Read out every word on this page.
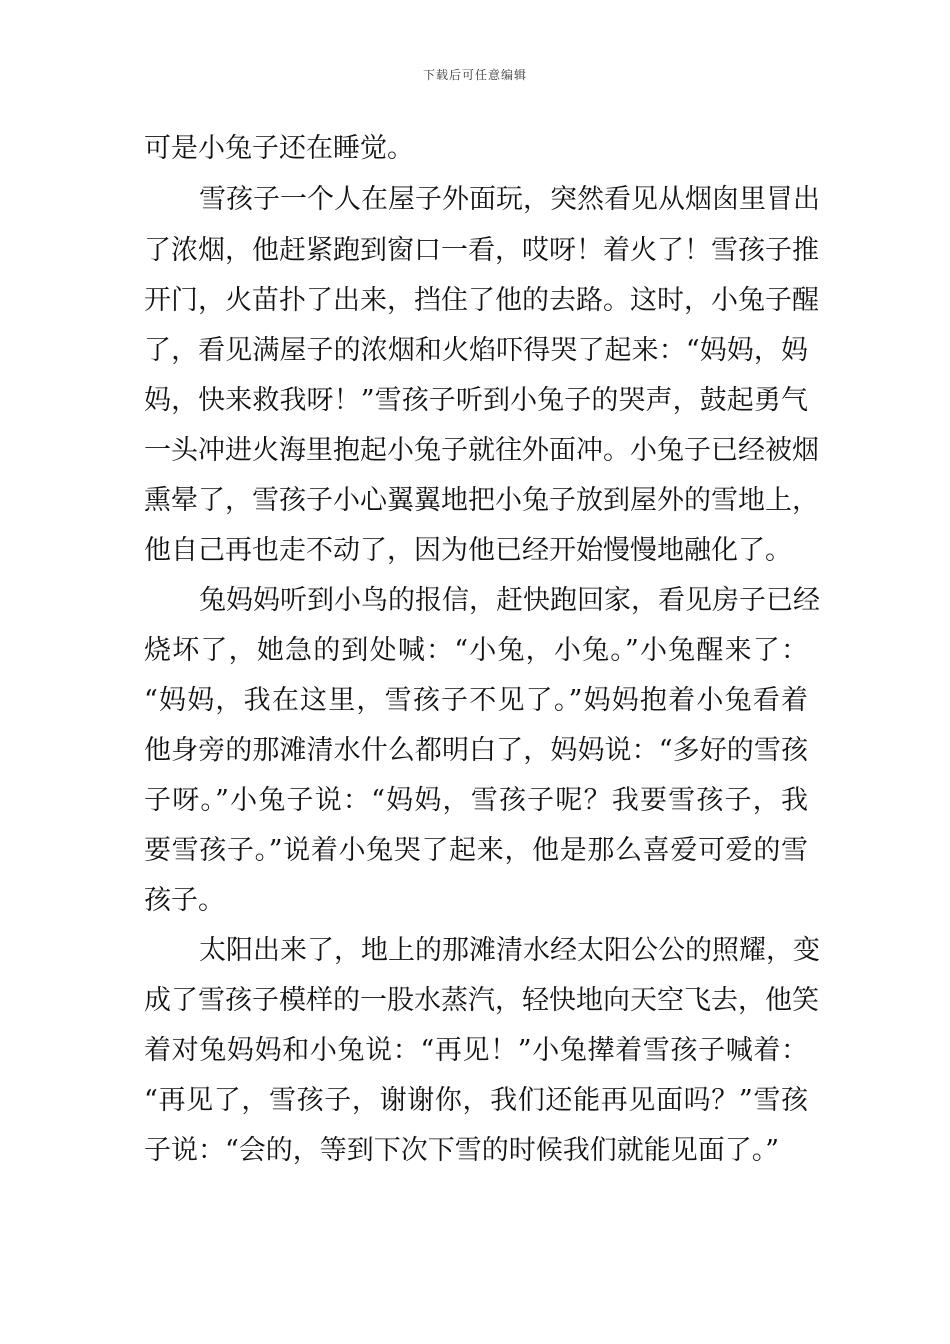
下载后可任意编辑
可是小兔子还在睡觉。
雪孩子一个人在屋子外面玩，突然看见从烟囱里冒出
了浓烟，他赶紧跑到窗口一看，哎呀！着火了！雪孩子推
开门，火苗扑了出来，挡住了他的去路。这时，小兔子醒
了，看见满屋子的浓烟和火焰吓得哭了起来：“妈妈，妈
妈，快来救我呀！”雪孩子听到小兔子的哭声，鼓起勇气
一头冲进火海里抱起小兔子就往外面冲。小兔子已经被烟
熏晕了，雪孩子小心翼翼地把小兔子放到屋外的雪地上，
他自己再也走不动了，因为他已经开始慢慢地融化了。
兔妈妈听到小鸟的报信，赶快跑回家，看见房子已经
烧坏了，她急的到处喊：“小兔，小兔。”小兔醒来了：
“妈妈，我在这里，雪孩子不见了。”妈妈抱着小兔看着
他身旁的那滩清水什么都明白了，妈妈说：“多好的雪孩
子呀。”小兔子说：“妈妈，雪孩子呢？我要雪孩子，我
要雪孩子。”说着小兔哭了起来，他是那么喜爱可爱的雪
孩子。
太阳出来了，地上的那滩清水经太阳公公的照耀，变
成了雪孩子模样的一股水蒸汽，轻快地向天空飞去，他笑
着对兔妈妈和小兔说：“再见！”小兔撵着雪孩子喊着：
“再见了，雪孩子，谢谢你，我们还能再见面吗？”雪孩
子说：“会的，等到下次下雪的时候我们就能见面了。”
